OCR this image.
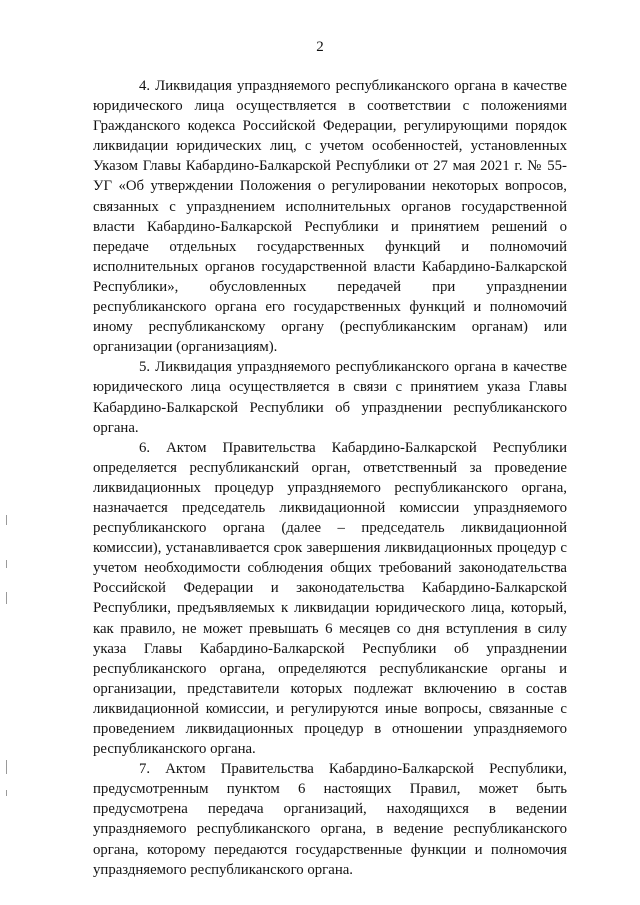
2

4. Ликвидация упраздняемого республиканского органа в качестве юридического лица осуществляется в соответствии с положениями Гражданского кодекса Российской Федерации, регулирующими порядок ликвидации юридических лиц, с учетом особенностей, установленных Указом Главы Кабардино-Балкарской Республики от 27 мая 2021 г. № 55-УГ «Об утверждении Положения о регулировании некоторых вопросов, связанных с упразднением исполнительных органов государственной власти Кабардино-Балкарской Республики и принятием решений о передаче отдельных государственных функций и полномочий исполнительных органов государственной власти Кабардино-Балкарской Республики», обусловленных передачей при упразднении республиканского органа его государственных функций и полномочий иному республиканскому органу (республиканским органам) или организации (организациям).

5. Ликвидация упраздняемого республиканского органа в качестве юридического лица осуществляется в связи с принятием указа Главы Кабардино-Балкарской Республики об упразднении республиканского органа.

6. Актом Правительства Кабардино-Балкарской Республики определяется республиканский орган, ответственный за проведение ликвидационных процедур упраздняемого республиканского органа, назначается председатель ликвидационной комиссии упраздняемого республиканского органа (далее – председатель ликвидационной комиссии), устанавливается срок завершения ликвидационных процедур с учетом необходимости соблюдения общих требований законодательства Российской Федерации и законодательства Кабардино-Балкарской Республики, предъявляемых к ликвидации юридического лица, который, как правило, не может превышать 6 месяцев со дня вступления в силу указа Главы Кабардино-Балкарской Республики об упразднении республиканского органа, определяются республиканские органы и организации, представители которых подлежат включению в состав ликвидационной комиссии, и регулируются иные вопросы, связанные с проведением ликвидационных процедур в отношении упраздняемого республиканского органа.

7. Актом Правительства Кабардино-Балкарской Республики, предусмотренным пунктом 6 настоящих Правил, может быть предусмотрена передача организаций, находящихся в ведении упраздняемого республиканского органа, в ведение республиканского органа, которому передаются государственные функции и полномочия упраздняемого республиканского органа.
